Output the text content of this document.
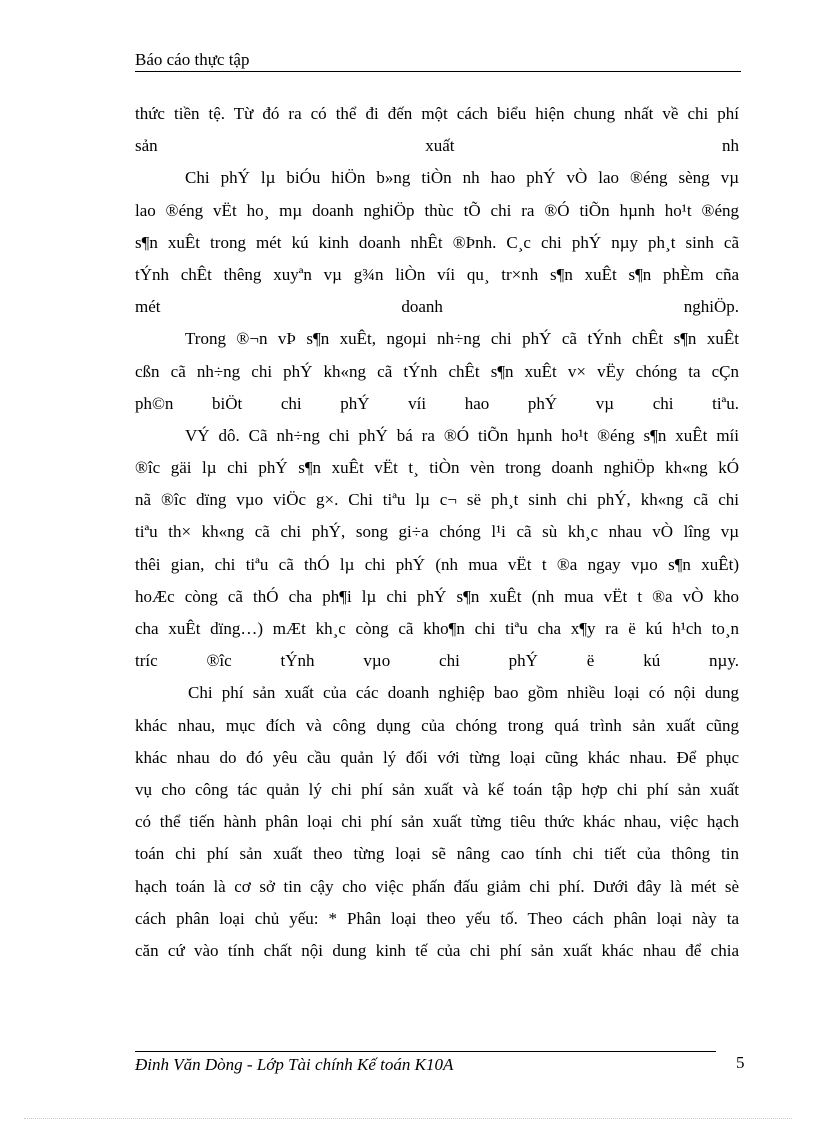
Báo cáo thực tập
thức tiền tệ. Từ đó ra có thể đi đến một cách biểu hiện chung nhất về chi phí
sản xuất nh
Chi phÝ lµ biÓu hiÖn b»ng tiÒn nh hao phÝ vÒ lao ®éng sèng vµ
lao ®éng vËt ho¸ mµ doanh nghiÖp thùc tÕ chi ra ®Ó tiÕn hµnh ho¹t ®éng
s¶n xuÊt trong mét kú kinh doanh nhÊt ®Þnh. C¸c chi phÝ nµy ph¸t sinh cã
tÝnh chÊt thêng xuyªn vµ g¾n liÒn víi qu¸ tr×nh s¶n xuÊt s¶n phÈm cña
mét doanh nghiÖp.
Trong ®¬n vÞ s¶n xuÊt, ngoµi nh÷ng chi phÝ cã tÝnh chÊt s¶n xuÊt
cßn cã nh÷ng chi phÝ kh«ng cã tÝnh chÊt s¶n xuÊt v× vËy chóng ta cÇn
ph©n biÖt chi phÝ víi hao phÝ vµ chi tiªu.
VÝ dô. Cã nh÷ng chi phÝ bá ra ®Ó tiÕn hµnh ho¹t ®éng s¶n xuÊt míi
®îc gäi lµ chi phÝ s¶n xuÊt vËt t¸ tiÒn vèn trong doanh nghiÖp kh«ng kÓ
nã ®îc dïng vµo viÖc g×. Chi tiªu lµ c¬ së ph¸t sinh chi phÝ, kh«ng cã chi
tiªu th× kh«ng cã chi phÝ, song gi÷a chóng l¹i cã sù kh¸c nhau vÒ lîng vµ
thêi gian, chi tiªu cã thÓ lµ chi phÝ (nh mua vËt t ®a ngay vµo s¶n xuÊt)
hoÆc còng cã thÓ cha ph¶i lµ chi phÝ s¶n xuÊt (nh mua vËt t ®a vÒ kho
cha xuÊt dïng…) mÆt kh¸c còng cã kho¶n chi tiªu cha x¶y ra ë kú h¹ch to¸n
tríc ®îc tÝnh vµo chi phÝ ë kú nµy.
Chi phí sản xuất của các doanh nghiệp bao gồm nhiều loại có nội dung
khác nhau, mục đích và công dụng của chóng trong quá trình sản xuất cũng
khác nhau do đó yêu cầu quản lý đối với từng loại cũng khác nhau. Để phục
vụ cho công tác quản lý chi phí sản xuất và kế toán tập hợp chi phí sản xuất
có thể tiến hành phân loại chi phí sản xuất từng tiêu thức khác nhau, việc hạch
toán chi phí sản xuất theo từng loại sẽ nâng cao tính chi tiết của thông tin
hạch toán là cơ sở tin cậy cho việc phấn đấu giảm chi phí. Dưới đây là mét sè
cách phân loại chủ yếu: * Phân loại theo yếu tố. Theo cách phân loại này ta
căn cứ vào tính chất nội dung kinh tế của chi phí sản xuất khác nhau để chia
Đinh Văn Dòng - Lớp Tài chính Kế toán K10A	5
